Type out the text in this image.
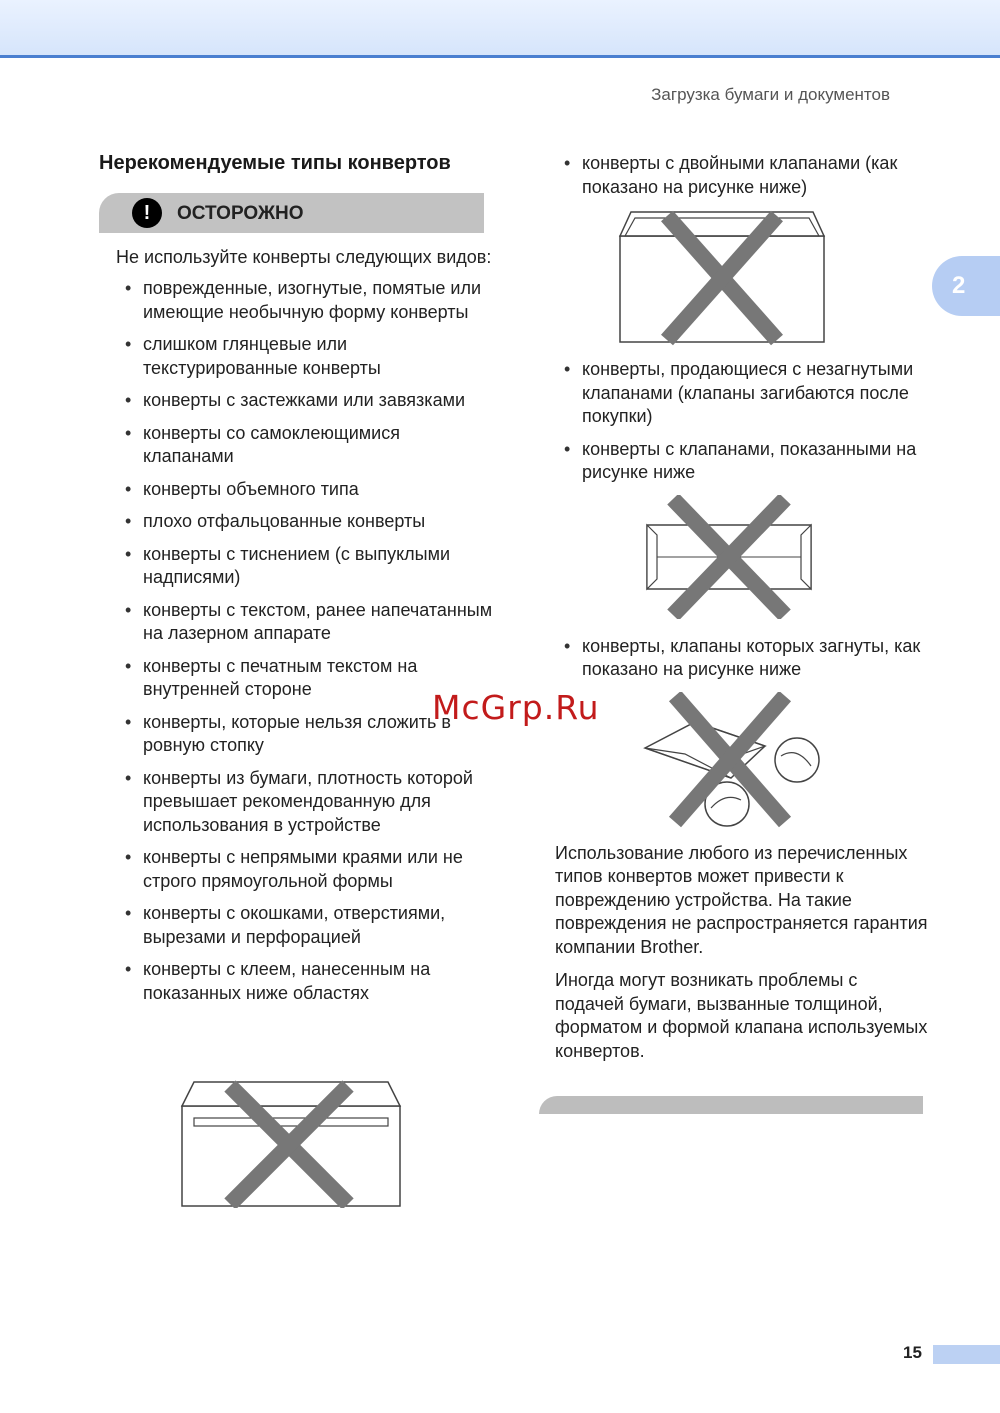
Загрузка бумаги и документов
2
Нерекомендуемые типы конвертов
!	ОСТОРОЖНО

Не используйте конверты следующих видов:

• поврежденные, изогнутые, помятые или имеющие необычную форму конверты
• слишком глянцевые или текстурированные конверты
• конверты с застежками или завязками
• конверты со самоклеющимися клапанами
• конверты объемного типа
• плохо отфальцованные конверты
• конверты с тиснением (с выпуклыми надписями)
• конверты с текстом, ранее напечатанным на лазерном аппарате
• конверты с печатным текстом на внутренней стороне
• конверты, которые нельзя сложить в ровную стопку
• конверты из бумаги, плотность которой превышает рекомендованную для использования в устройстве
• конверты с непрямыми краями или не строго прямоугольной формы
• конверты с окошками, отверстиями, вырезами и перфорацией
• конверты с клеем, нанесенным на показанных ниже областях
• конверты с двойными клапанами (как показано на рисунке ниже)
• конверты, продающиеся с незагнутыми клапанами (клапаны загибаются после покупки)
• конверты с клапанами, показанными на рисунке ниже
• конверты, клапаны которых загнуты, как показано на рисунке ниже

Использование любого из перечисленных типов конвертов может привести к повреждению устройства. На такие повреждения не распространяется гарантия компании Brother.

Иногда могут возникать проблемы с подачей бумаги, вызванные толщиной, форматом и формой клапана используемых конвертов.

McGrp.Ru
15
